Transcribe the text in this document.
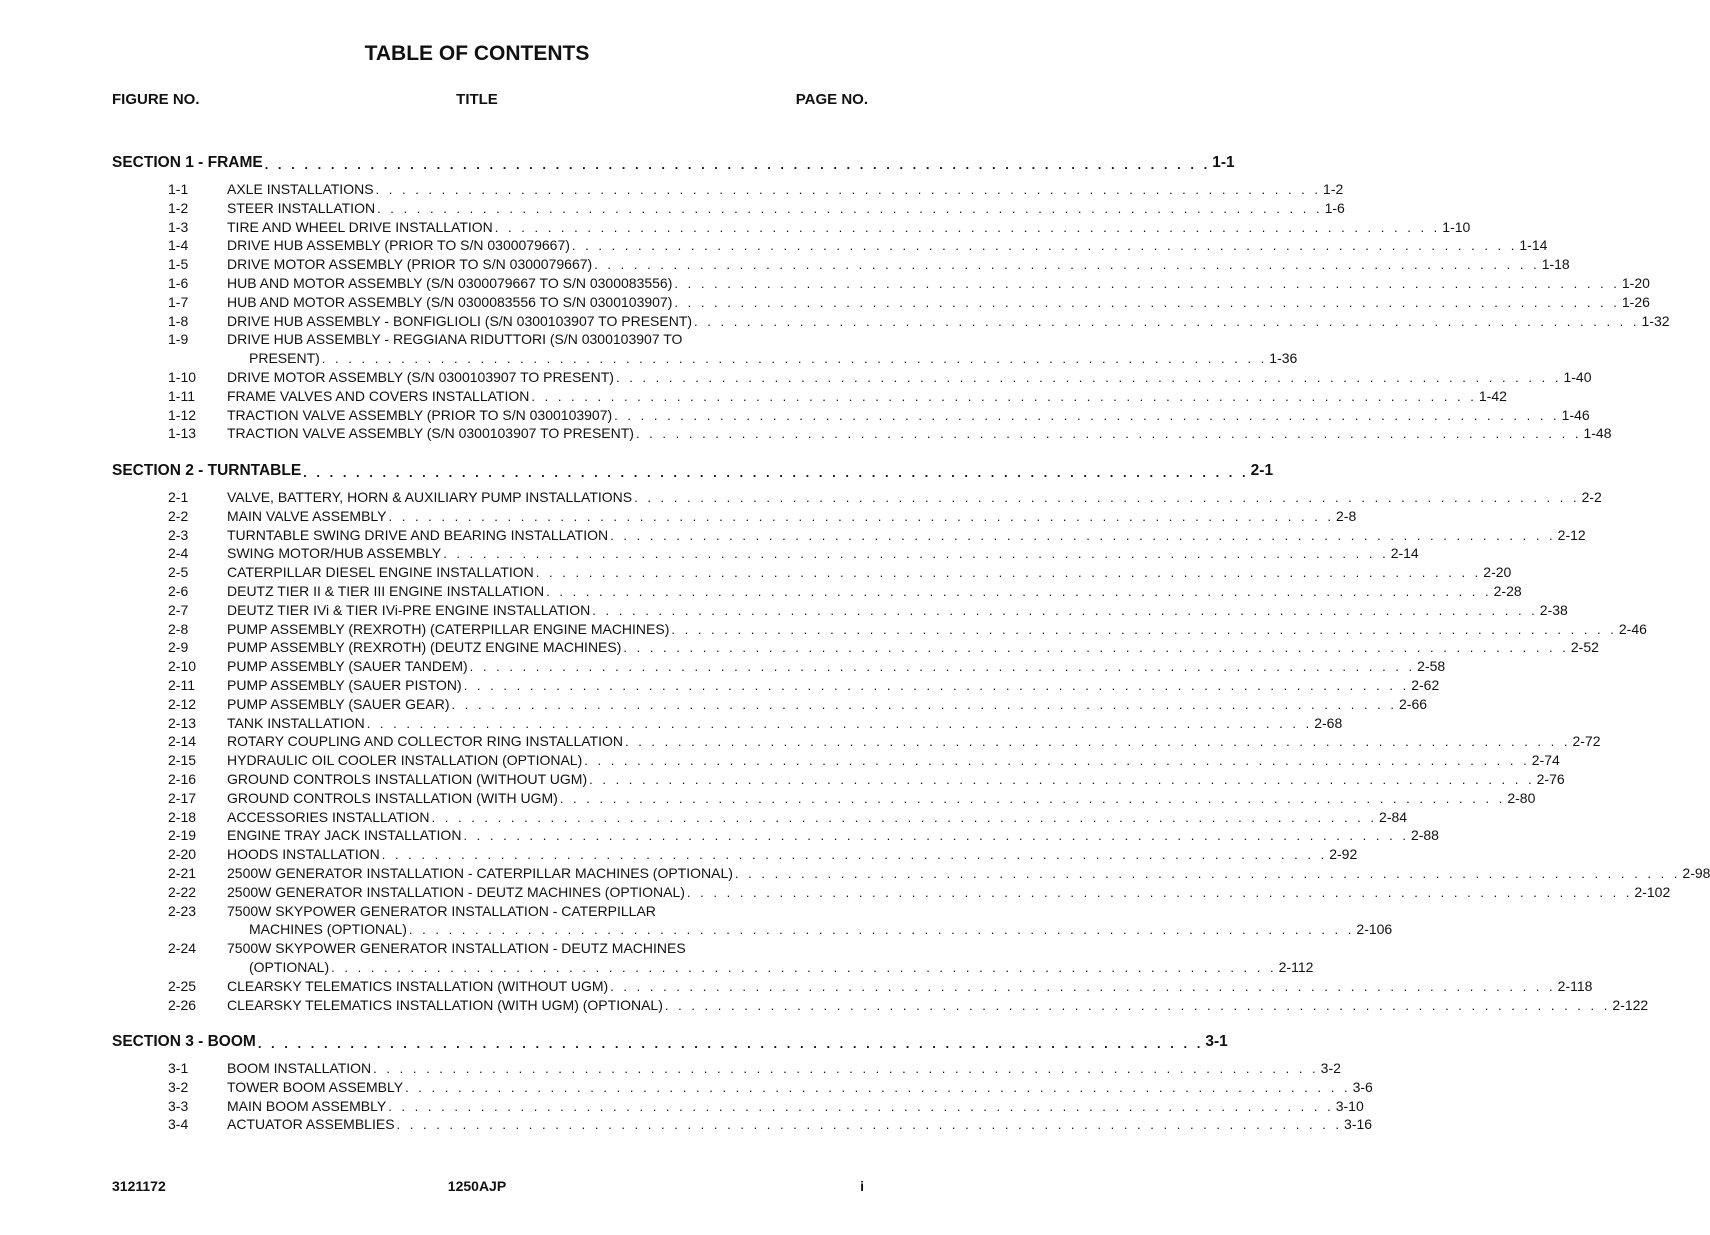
TABLE OF CONTENTS
FIGURE NO.	TITLE	PAGE NO.
SECTION 1 - FRAME . . . . . . . . . . . . . . . . . . . . . . . . . . . . . . . . . . . . . . . . . . . . . . . . . . . . . . . . . . . . . . . . . . . . . . . . 1-1
1-1	AXLE INSTALLATIONS . . . . . . . . . . . . . . . . . . . . . . . . . . . . . . . . . . . . . . . . . . . . . . . . . . . . . . . . . . . . . . . . . . . . . . . . 1-2
1-2	STEER INSTALLATION . . . . . . . . . . . . . . . . . . . . . . . . . . . . . . . . . . . . . . . . . . . . . . . . . . . . . . . . . . . . . . . . . . . . . . . . 1-6
1-3	TIRE AND WHEEL DRIVE INSTALLATION . . . . . . . . . . . . . . . . . . . . . . . . . . . . . . . . . . . . . . . . . . . . . . . . . . . . . . . . . . . . . . . . . . . . . . . . 1-10
1-4	DRIVE HUB ASSEMBLY (PRIOR TO S/N 0300079667) . . . . . . . . . . . . . . . . . . . . . . . . . . . . . . . . . . . . . . . . . . . . . . . . . . . . . . . . . . . . . . . . . . . . . . . . 1-14
1-5	DRIVE MOTOR ASSEMBLY (PRIOR TO S/N 0300079667) . . . . . . . . . . . . . . . . . . . . . . . . . . . . . . . . . . . . . . . . . . . . . . . . . . . . . . . . . . . . . . . . . . . . . . . . 1-18
1-6	HUB AND MOTOR ASSEMBLY (S/N 0300079667 TO S/N 0300083556) . . . . . . . . . . . . . . . . . . . . . . . . . . . . . . . . . . . . . . . . . . . . . . . . . . . . . . . . . . . . . . . . . . . . . . . . 1-20
1-7	HUB AND MOTOR ASSEMBLY (S/N 0300083556 TO S/N 0300103907) . . . . . . . . . . . . . . . . . . . . . . . . . . . . . . . . . . . . . . . . . . . . . . . . . . . . . . . . . . . . . . . . . . . . . . . . 1-26
1-8	DRIVE HUB ASSEMBLY - BONFIGLIOLI (S/N 0300103907 TO PRESENT) . . . . . . . . . . . . . . . . . . . . . . . . . . . . . . . . . . . . . . . . . . . . . . . . . . . . . . . . . . . . . . . . . . . . . . . . 1-32
1-9	DRIVE HUB ASSEMBLY - REGGIANA RIDUTTORI (S/N 0300103907 TO
PRESENT) . . . . . . . . . . . . . . . . . . . . . . . . . . . . . . . . . . . . . . . . . . . . . . . . . . . . . . . . . . . . . . . . . . . . . . . . 1-36
1-10	DRIVE MOTOR ASSEMBLY (S/N 0300103907 TO PRESENT) . . . . . . . . . . . . . . . . . . . . . . . . . . . . . . . . . . . . . . . . . . . . . . . . . . . . . . . . . . . . . . . . . . . . . . . . 1-40
1-11	FRAME VALVES AND COVERS INSTALLATION . . . . . . . . . . . . . . . . . . . . . . . . . . . . . . . . . . . . . . . . . . . . . . . . . . . . . . . . . . . . . . . . . . . . . . . . 1-42
1-12	TRACTION VALVE ASSEMBLY (PRIOR TO S/N 0300103907) . . . . . . . . . . . . . . . . . . . . . . . . . . . . . . . . . . . . . . . . . . . . . . . . . . . . . . . . . . . . . . . . . . . . . . . . 1-46
1-13	TRACTION VALVE ASSEMBLY (S/N 0300103907 TO PRESENT) . . . . . . . . . . . . . . . . . . . . . . . . . . . . . . . . . . . . . . . . . . . . . . . . . . . . . . . . . . . . . . . . . . . . . . . . 1-48
SECTION 2 - TURNTABLE . . . . . . . . . . . . . . . . . . . . . . . . . . . . . . . . . . . . . . . . . . . . . . . . . . . . . . . . . . . . . . . . . . . . . . . . 2-1
2-1	VALVE, BATTERY, HORN & AUXILIARY PUMP INSTALLATIONS . . . . . . . . . . . . . . . . . . . . . . . . . . . . . . . . . . . . . . . . . . . . . . . . . . . . . . . . . . . . . . . . . . . . . . . . 2-2
2-2	MAIN VALVE ASSEMBLY . . . . . . . . . . . . . . . . . . . . . . . . . . . . . . . . . . . . . . . . . . . . . . . . . . . . . . . . . . . . . . . . . . . . . . . . 2-8
2-3	TURNTABLE SWING DRIVE AND BEARING INSTALLATION . . . . . . . . . . . . . . . . . . . . . . . . . . . . . . . . . . . . . . . . . . . . . . . . . . . . . . . . . . . . . . . . . . . . . . . . 2-12
2-4	SWING MOTOR/HUB ASSEMBLY . . . . . . . . . . . . . . . . . . . . . . . . . . . . . . . . . . . . . . . . . . . . . . . . . . . . . . . . . . . . . . . . . . . . . . . . 2-14
2-5	CATERPILLAR DIESEL ENGINE INSTALLATION . . . . . . . . . . . . . . . . . . . . . . . . . . . . . . . . . . . . . . . . . . . . . . . . . . . . . . . . . . . . . . . . . . . . . . . . 2-20
2-6	DEUTZ TIER II & TIER III ENGINE INSTALLATION . . . . . . . . . . . . . . . . . . . . . . . . . . . . . . . . . . . . . . . . . . . . . . . . . . . . . . . . . . . . . . . . . . . . . . . . 2-28
2-7	DEUTZ TIER IVi & TIER IVi-PRE ENGINE INSTALLATION . . . . . . . . . . . . . . . . . . . . . . . . . . . . . . . . . . . . . . . . . . . . . . . . . . . . . . . . . . . . . . . . . . . . . . . . 2-38
2-8	PUMP ASSEMBLY (REXROTH) (CATERPILLAR ENGINE MACHINES) . . . . . . . . . . . . . . . . . . . . . . . . . . . . . . . . . . . . . . . . . . . . . . . . . . . . . . . . . . . . . . . . . . . . . . . . 2-46
2-9	PUMP ASSEMBLY (REXROTH) (DEUTZ ENGINE MACHINES) . . . . . . . . . . . . . . . . . . . . . . . . . . . . . . . . . . . . . . . . . . . . . . . . . . . . . . . . . . . . . . . . . . . . . . . . 2-52
2-10	PUMP ASSEMBLY (SAUER TANDEM) . . . . . . . . . . . . . . . . . . . . . . . . . . . . . . . . . . . . . . . . . . . . . . . . . . . . . . . . . . . . . . . . . . . . . . . . 2-58
2-11	PUMP ASSEMBLY (SAUER PISTON) . . . . . . . . . . . . . . . . . . . . . . . . . . . . . . . . . . . . . . . . . . . . . . . . . . . . . . . . . . . . . . . . . . . . . . . . 2-62
2-12	PUMP ASSEMBLY (SAUER GEAR) . . . . . . . . . . . . . . . . . . . . . . . . . . . . . . . . . . . . . . . . . . . . . . . . . . . . . . . . . . . . . . . . . . . . . . . . 2-66
2-13	TANK INSTALLATION . . . . . . . . . . . . . . . . . . . . . . . . . . . . . . . . . . . . . . . . . . . . . . . . . . . . . . . . . . . . . . . . . . . . . . . . 2-68
2-14	ROTARY COUPLING AND COLLECTOR RING INSTALLATION . . . . . . . . . . . . . . . . . . . . . . . . . . . . . . . . . . . . . . . . . . . . . . . . . . . . . . . . . . . . . . . . . . . . . . . . 2-72
2-15	HYDRAULIC OIL COOLER INSTALLATION (OPTIONAL) . . . . . . . . . . . . . . . . . . . . . . . . . . . . . . . . . . . . . . . . . . . . . . . . . . . . . . . . . . . . . . . . . . . . . . . . 2-74
2-16	GROUND CONTROLS INSTALLATION (WITHOUT UGM) . . . . . . . . . . . . . . . . . . . . . . . . . . . . . . . . . . . . . . . . . . . . . . . . . . . . . . . . . . . . . . . . . . . . . . . . 2-76
2-17	GROUND CONTROLS INSTALLATION (WITH UGM) . . . . . . . . . . . . . . . . . . . . . . . . . . . . . . . . . . . . . . . . . . . . . . . . . . . . . . . . . . . . . . . . . . . . . . . . 2-80
2-18	ACCESSORIES INSTALLATION . . . . . . . . . . . . . . . . . . . . . . . . . . . . . . . . . . . . . . . . . . . . . . . . . . . . . . . . . . . . . . . . . . . . . . . . 2-84
2-19	ENGINE TRAY JACK INSTALLATION . . . . . . . . . . . . . . . . . . . . . . . . . . . . . . . . . . . . . . . . . . . . . . . . . . . . . . . . . . . . . . . . . . . . . . . . 2-88
2-20	HOODS INSTALLATION . . . . . . . . . . . . . . . . . . . . . . . . . . . . . . . . . . . . . . . . . . . . . . . . . . . . . . . . . . . . . . . . . . . . . . . . 2-92
2-21	2500W GENERATOR INSTALLATION - CATERPILLAR MACHINES (OPTIONAL) . . . . . . . . . . . . . . . . . . . . . . . . . . . . . . . . . . . . . . . . . . . . . . . . . . . . . . . . . . . . . . . . . . . . . . . . 2-98
2-22	2500W GENERATOR INSTALLATION - DEUTZ MACHINES (OPTIONAL) . . . . . . . . . . . . . . . . . . . . . . . . . . . . . . . . . . . . . . . . . . . . . . . . . . . . . . . . . . . . . . . . . . . . . . . . 2-102
2-23	7500W SKYPOWER GENERATOR INSTALLATION - CATERPILLAR
MACHINES (OPTIONAL) . . . . . . . . . . . . . . . . . . . . . . . . . . . . . . . . . . . . . . . . . . . . . . . . . . . . . . . . . . . . . . . . . . . . . . . . 2-106
2-24	7500W SKYPOWER GENERATOR INSTALLATION - DEUTZ MACHINES
(OPTIONAL) . . . . . . . . . . . . . . . . . . . . . . . . . . . . . . . . . . . . . . . . . . . . . . . . . . . . . . . . . . . . . . . . . . . . . . . . 2-112
2-25	CLEARSKY TELEMATICS INSTALLATION (WITHOUT UGM) . . . . . . . . . . . . . . . . . . . . . . . . . . . . . . . . . . . . . . . . . . . . . . . . . . . . . . . . . . . . . . . . . . . . . . . . 2-118
2-26	CLEARSKY TELEMATICS INSTALLATION (WITH UGM) (OPTIONAL) . . . . . . . . . . . . . . . . . . . . . . . . . . . . . . . . . . . . . . . . . . . . . . . . . . . . . . . . . . . . . . . . . . . . . . . . 2-122
SECTION 3 - BOOM . . . . . . . . . . . . . . . . . . . . . . . . . . . . . . . . . . . . . . . . . . . . . . . . . . . . . . . . . . . . . . . . . . . . . . . . 3-1
3-1	BOOM INSTALLATION . . . . . . . . . . . . . . . . . . . . . . . . . . . . . . . . . . . . . . . . . . . . . . . . . . . . . . . . . . . . . . . . . . . . . . . . 3-2
3-2	TOWER BOOM ASSEMBLY . . . . . . . . . . . . . . . . . . . . . . . . . . . . . . . . . . . . . . . . . . . . . . . . . . . . . . . . . . . . . . . . . . . . . . . . 3-6
3-3	MAIN BOOM ASSEMBLY . . . . . . . . . . . . . . . . . . . . . . . . . . . . . . . . . . . . . . . . . . . . . . . . . . . . . . . . . . . . . . . . . . . . . . . . 3-10
3-4	ACTUATOR ASSEMBLIES . . . . . . . . . . . . . . . . . . . . . . . . . . . . . . . . . . . . . . . . . . . . . . . . . . . . . . . . . . . . . . . . . . . . . . . . 3-16
3121172	1250AJP	i
